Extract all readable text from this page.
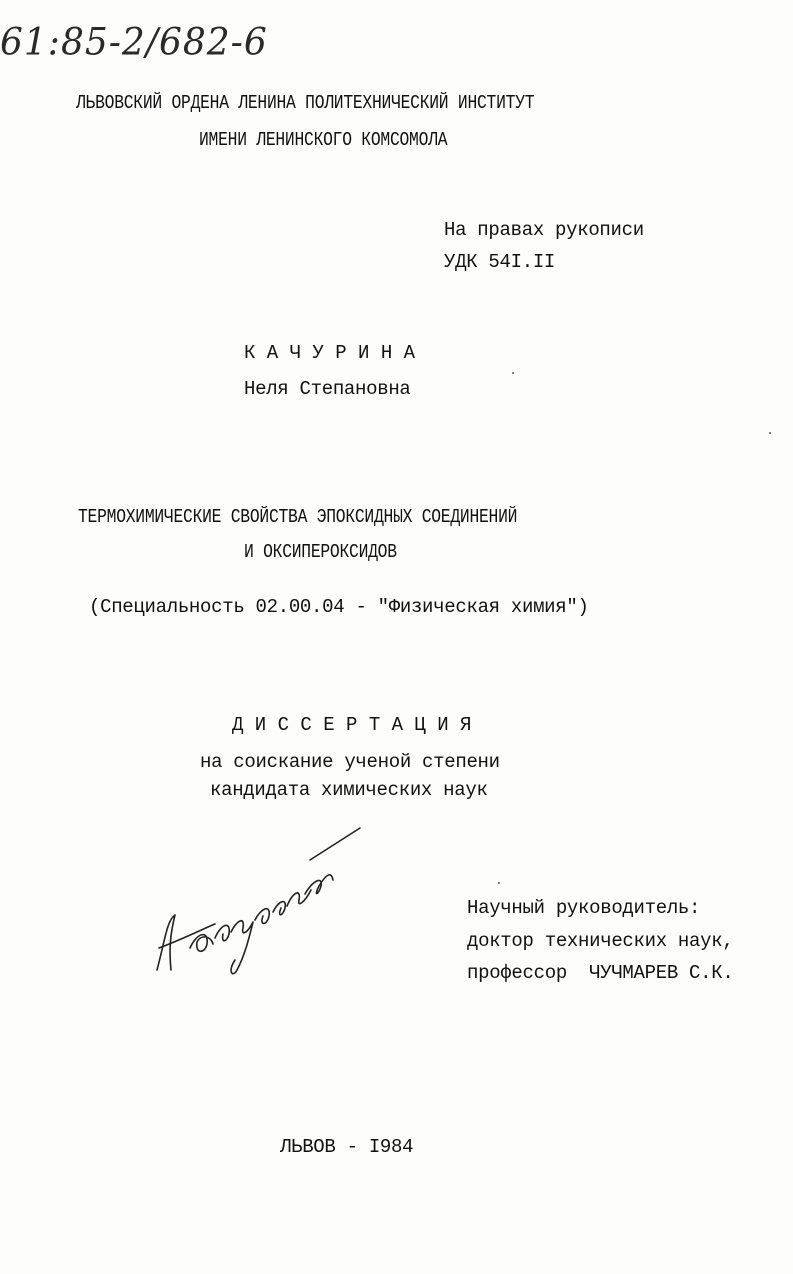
61:85-2/682-6
ЛЬВОВСКИЙ ОРДЕНА ЛЕНИНА ПОЛИТЕХНИЧЕСКИЙ ИНСТИТУТ
ИМЕНИ ЛЕНИНСКОГО КОМСОМОЛА
На правах рукописи
УДК 54I.II
К А Ч У Р И Н А
Неля Степановна
ТЕРМОХИМИЧЕСКИЕ СВОЙСТВА ЭПОКСИДНЫХ СОЕДИНЕНИЙ
И ОКСИПЕРОКСИДОВ
(Специальность 02.00.04 - "Физическая химия")
Д И С С Е Р Т А Ц И Я
на соискание ученой степени
кандидата химических наук
Научный руководитель:
доктор технических наук,
профессор  ЧУЧМАРЕВ С.К.
ЛЬВОВ - I984
